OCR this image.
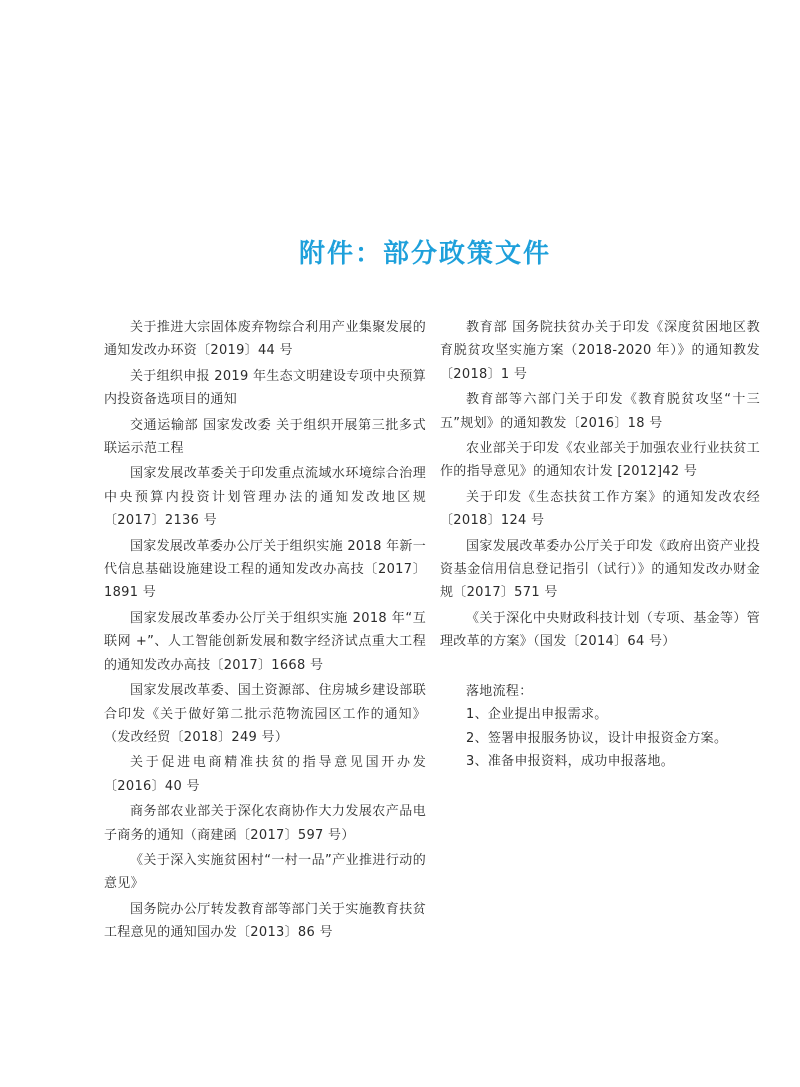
附件：部分政策文件

关于推进大宗固体废弃物综合利用产业集聚发展的通知发改办环资〔2019〕44 号

关于组织申报 2019 年生态文明建设专项中央预算内投资备选项目的通知

交通运输部 国家发改委 关于组织开展第三批多式联运示范工程

国家发展改革委关于印发重点流域水环境综合治理中央预算内投资计划管理办法的通知发改地区规〔2017〕2136 号

国家发展改革委办公厅关于组织实施 2018 年新一代信息基础设施建设工程的通知发改办高技〔2017〕1891 号

国家发展改革委办公厅关于组织实施 2018 年“互联网 +”、人工智能创新发展和数字经济试点重大工程的通知发改办高技〔2017〕1668 号

国家发展改革委、国土资源部、住房城乡建设部联合印发《关于做好第二批示范物流园区工作的通知》（发改经贸〔2018〕249 号）

关于促进电商精准扶贫的指导意见国开办发〔2016〕40 号

商务部农业部关于深化农商协作大力发展农产品电子商务的通知（商建函〔2017〕597 号）

《关于深入实施贫困村“一村一品”产业推进行动的意见》

国务院办公厅转发教育部等部门关于实施教育扶贫工程意见的通知国办发〔2013〕86 号

教育部 国务院扶贫办关于印发《深度贫困地区教育脱贫攻坚实施方案（2018-2020 年）》的通知教发〔2018〕1 号

教育部等六部门关于印发《教育脱贫攻坚“十三五”规划》的通知教发〔2016〕18 号

农业部关于印发《农业部关于加强农业行业扶贫工作的指导意见》的通知农计发 [2012]42 号

关于印发《生态扶贫工作方案》的通知发改农经〔2018〕124 号

国家发展改革委办公厅关于印发《政府出资产业投资基金信用信息登记指引（试行）》的通知发改办财金规〔2017〕571 号

《关于深化中央财政科技计划（专项、基金等）管理改革的方案》（国发〔2014〕64 号）

落地流程：

1、企业提出申报需求。

2、签署申报服务协议，设计申报资金方案。

3、准备申报资料，成功申报落地。
